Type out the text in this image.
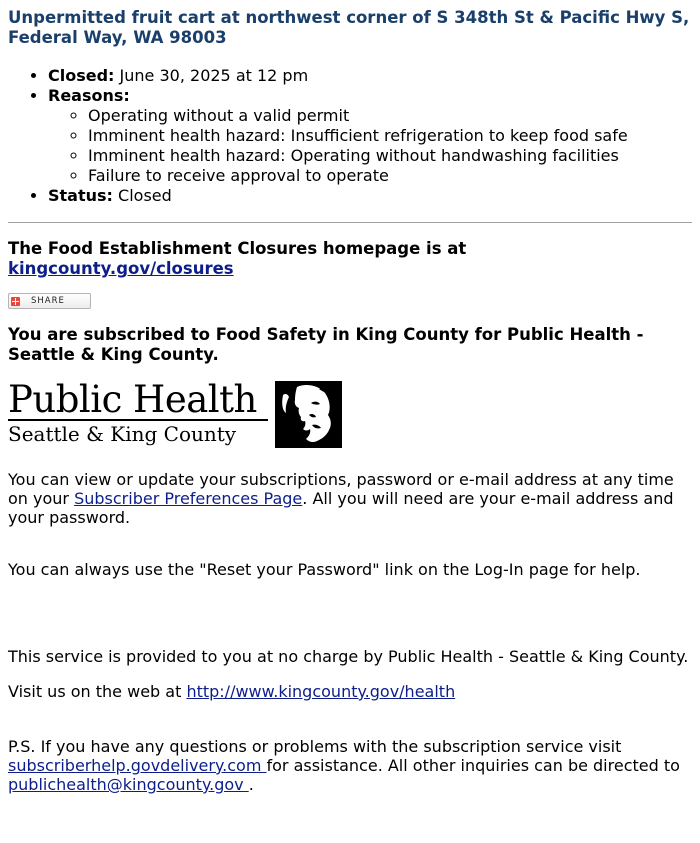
Unpermitted fruit cart at northwest corner of S 348th St & Pacific Hwy S, Federal Way, WA 98003
• Closed: June 30, 2025 at 12 pm
• Reasons:
◦ Operating without a valid permit
◦ Imminent health hazard: Insufficient refrigeration to keep food safe
◦ Imminent health hazard: Operating without handwashing facilities
◦ Failure to receive approval to operate
• Status: Closed
The Food Establishment Closures homepage is at kingcounty.gov/closures
SHARE
You are subscribed to Food Safety in King County for Public Health - Seattle & King County.
Public Health
Seattle & King County

You can view or update your subscriptions, password or e-mail address at any time on your Subscriber Preferences Page. All you will need are your e-mail address and your password.

You can always use the "Reset your Password" link on the Log-In page for help.

This service is provided to you at no charge by Public Health - Seattle & King County.

Visit us on the web at http://www.kingcounty.gov/health

P.S. If you have any questions or problems with the subscription service visit subscriberhelp.govdelivery.com for assistance. All other inquiries can be directed to publichealth@kingcounty.gov .
